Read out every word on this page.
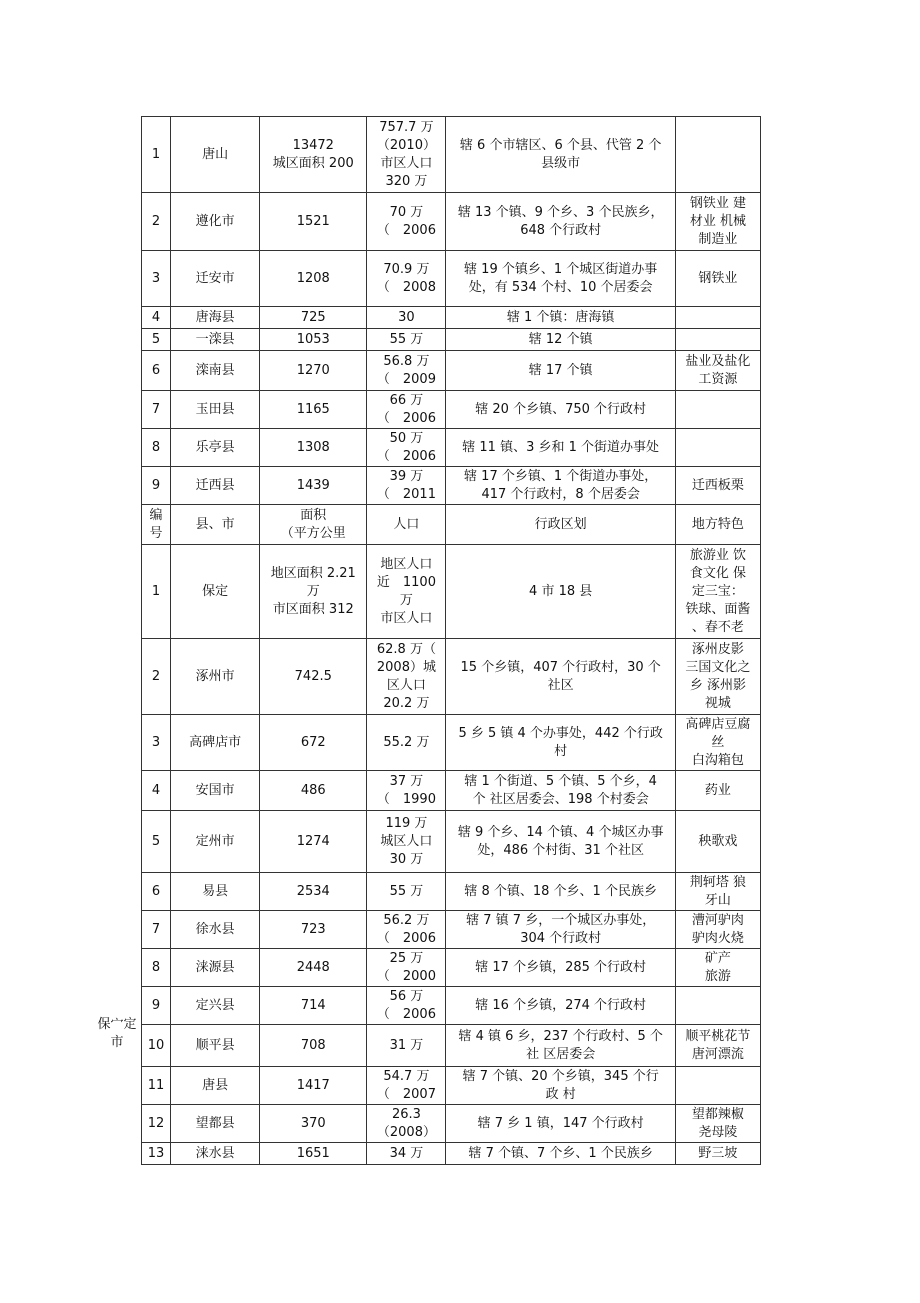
保宀定
市
1	唐山	13472
城区面积 200	757.7 万
（2010）
市区人口
320 万	辖 6 个市辖区、6 个县、代管 2 个
县级市	

2	遵化市	1521	70 万
（　2006	辖 13 个镇、9 个乡、3 个民族乡，
648 个行政村	钢铁业 建
材业 机械
制造业

3	迁安市	1208	70.9 万
（　2008	辖 19 个镇乡、1 个城区街道办事
处，有 534 个村、10 个居委会	钢铁业

4	唐海县	725	30	辖 1 个镇：唐海镇	

5	一滦县	1053	55 万	辖 12 个镇	

6	滦南县	1270	56.8 万
（　2009	辖 17 个镇	盐业及盐化
工资源

7	玉田县	1165	66 万
（　2006	辖 20 个乡镇、750 个行政村	

8	乐亭县	1308	50 万
（　2006	辖 11 镇、3 乡和 1 个街道办事处	

9	迁西县	1439	39 万
（　2011	辖 17 个乡镇、1 个街道办事处，
417 个行政村，8 个居委会	迁西板栗

编
号	县、市	面积
（平方公里	人口	行政区划	地方特色

1	保定	地区面积 2.21
万
市区面积 312	地区人口
近　1100
万
市区人口	4 市 18 县	旅游业 饮
食文化 保
定三宝：
铁球、面酱
、春不老

2	涿州市	742.5	62.8 万（
2008）城
区人口
20.2 万	15 个乡镇，407 个行政村，30 个
社区	涿州皮影
三国文化之
乡 涿州影
视城

3	高碑店市	672	55.2 万	5 乡 5 镇 4 个办事处，442 个行政
村	高碑店豆腐
丝
白沟箱包

4	安国市	486	37 万
（　1990	辖 1 个街道、5 个镇、5 个乡，4
个 社区居委会、198 个村委会	药业

5	定州市	1274	119 万
城区人口
30 万	辖 9 个乡、14 个镇、4 个城区办事
处，486 个村街、31 个社区	秧歌戏

6	易县	2534	55 万	辖 8 个镇、18 个乡、1 个民族乡	荆轲塔 狼
牙山

7	徐水县	723	56.2 万
（　2006	辖 7 镇 7 乡，一个城区办事处，
304 个行政村	漕河驴肉
驴肉火烧

8	涞源县	2448	25 万
（　2000	辖 17 个乡镇，285 个行政村	矿产
旅游

9	定兴县	714	56 万
（　2006	辖 16 个乡镇，274 个行政村	

10	顺平县	708	31 万	辖 4 镇 6 乡，237 个行政村、5 个
社 区居委会	顺平桃花节
唐河漂流

11	唐县	1417	54.7 万
（　2007	辖 7 个镇、20 个乡镇，345 个行
政 村	

12	望都县	370	26.3
（2008）	辖 7 乡 1 镇，147 个行政村	望都辣椒
尧母陵

13	涞水县	1651	34 万	辖 7 个镇、7 个乡、1 个民族乡	野三坡
